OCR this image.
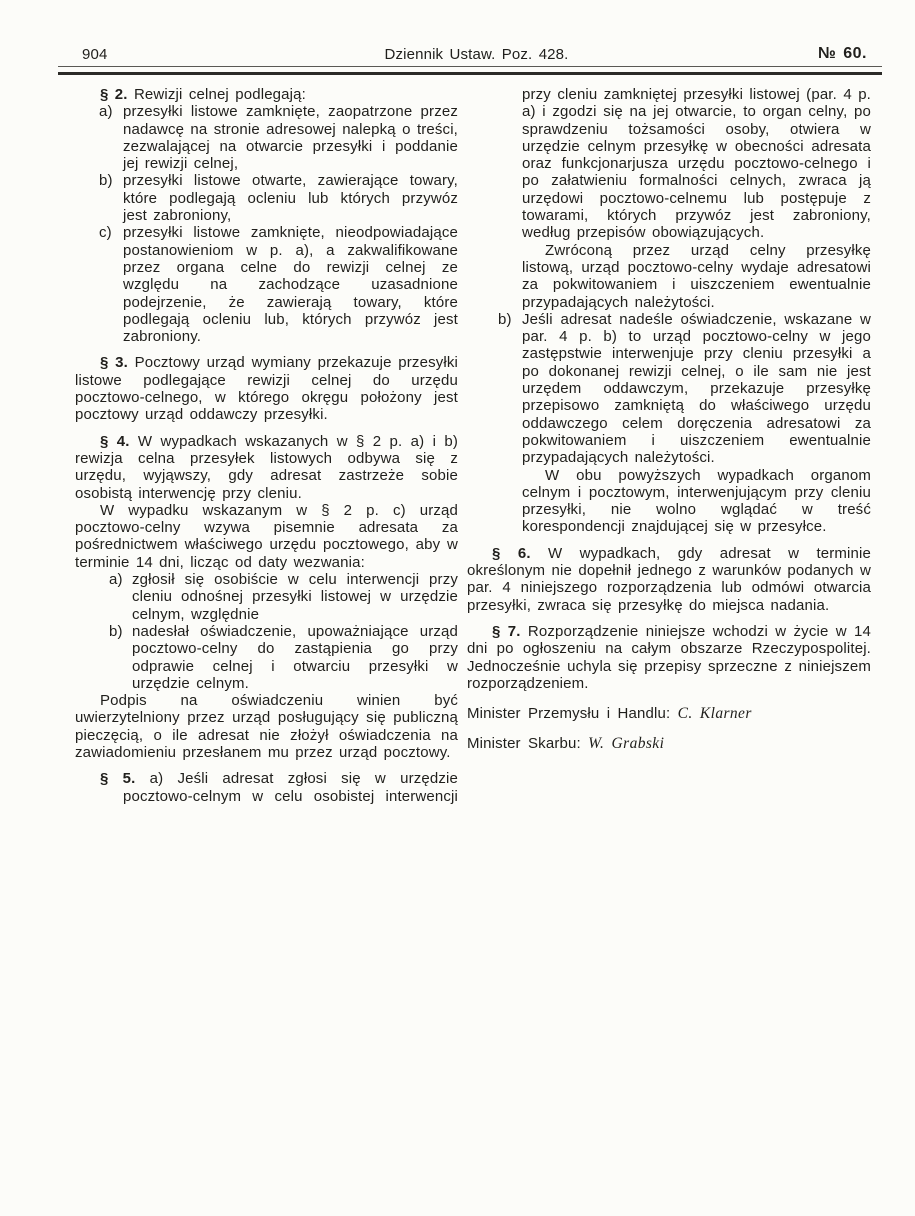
904	Dziennik Ustaw. Poz. 428.	№ 60.

§ 2. Rewizji celnej podlegają:

a) przesyłki listowe zamknięte, zaopatrzone przez nadawcę na stronie adresowej nalepką o treści, zezwalającej na otwarcie przesyłki i poddanie jej rewizji celnej,

b) przesyłki listowe otwarte, zawierające towary, które podlegają ocleniu lub których przywóz jest zabroniony,

c) przesyłki listowe zamknięte, nieodpowiadające postanowieniom w p. a), a zakwalifikowane przez organa celne do rewizji celnej ze względu na zachodzące uzasadnione podejrzenie, że zawierają towary, które podlegają ocleniu lub, których przywóz jest zabroniony.

§ 3. Pocztowy urząd wymiany przekazuje przesyłki listowe podlegające rewizji celnej do urzędu pocztowo-celnego, w którego okręgu położony jest pocztowy urząd oddawczy przesyłki.

§ 4. W wypadkach wskazanych w § 2 p. a) i b) rewizja celna przesyłek listowych odbywa się z urzędu, wyjąwszy, gdy adresat zastrzeże sobie osobistą interwencję przy cleniu.

W wypadku wskazanym w § 2 p. c) urząd pocztowo-celny wzywa pisemnie adresata za pośrednictwem właściwego urzędu pocztowego, aby w terminie 14 dni, licząc od daty wezwania:

a) zgłosił się osobiście w celu interwencji przy cleniu odnośnej przesyłki listowej w urzędzie celnym, względnie

b) nadesłał oświadczenie, upoważniające urząd pocztowo-celny do zastąpienia go przy odprawie celnej i otwarciu przesyłki w urzędzie celnym.

Podpis na oświadczeniu winien być uwierzytelniony przez urząd posługujący się publiczną pieczęcią, o ile adresat nie złożył oświadczenia na zawiadomieniu przesłanem mu przez urząd pocztowy.

§ 5. a) Jeśli adresat zgłosi się w urzędzie pocztowo-celnym w celu osobistej interwencji

przy cleniu zamkniętej przesyłki listowej (par. 4 p. a) i zgodzi się na jej otwarcie, to organ celny, po sprawdzeniu tożsamości osoby, otwiera w urzędzie celnym przesyłkę w obecności adresata oraz funkcjonarjusza urzędu pocztowo-celnego i po załatwieniu formalności celnych, zwraca ją urzędowi pocztowo-celnemu lub postępuje z towarami, których przywóz jest zabroniony, według przepisów obowiązujących.

Zwróconą przez urząd celny przesyłkę listową, urząd pocztowo-celny wydaje adresatowi za pokwitowaniem i uiszczeniem ewentualnie przypadających należytości.

b) Jeśli adresat nadeśle oświadczenie, wskazane w par. 4 p. b) to urząd pocztowo-celny w jego zastępstwie interwenjuje przy cleniu przesyłki a po dokonanej rewizji celnej, o ile sam nie jest urzędem oddawczym, przekazuje przesyłkę przepisowo zamkniętą do właściwego urzędu oddawczego celem doręczenia adresatowi za pokwitowaniem i uiszczeniem ewentualnie przypadających należytości.

W obu powyższych wypadkach organom celnym i pocztowym, interwenjującym przy cleniu przesyłki, nie wolno wglądać w treść korespondencji znajdującej się w przesyłce.

§ 6. W wypadkach, gdy adresat w terminie określonym nie dopełnił jednego z warunków podanych w par. 4 niniejszego rozporządzenia lub odmówi otwarcia przesyłki, zwraca się przesyłkę do miejsca nadania.

§ 7. Rozporządzenie niniejsze wchodzi w życie w 14 dni po ogłoszeniu na całym obszarze Rzeczypospolitej. Jednocześnie uchyla się przepisy sprzeczne z niniejszem rozporządzeniem.

Minister Przemysłu i Handlu: C. Klarner

Minister Skarbu: W. Grabski
